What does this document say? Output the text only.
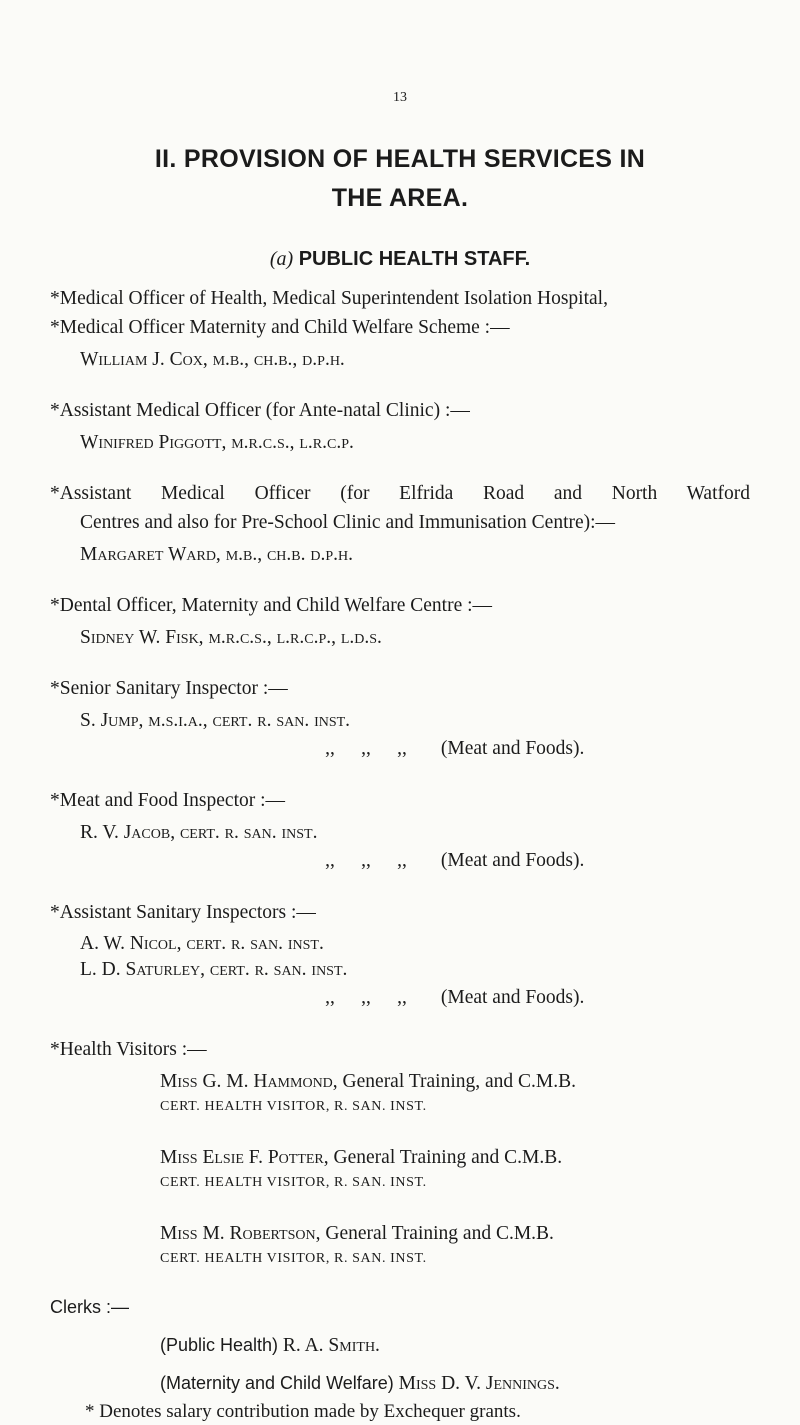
13
II. PROVISION OF HEALTH SERVICES IN
THE AREA.
(a) PUBLIC HEALTH STAFF.
*Medical Officer of Health, Medical Superintendent Isolation Hospital,
*Medical Officer Maternity and Child Welfare Scheme :—
William J. Cox, m.b., ch.b., d.p.h.
*Assistant Medical Officer (for Ante-natal Clinic) :—
Winifred Piggott, m.r.c.s., l.r.c.p.
*Assistant Medical Officer (for Elfrida Road and North Watford
Centres and also for Pre-School Clinic and Immunisation Centre):—
Margaret Ward, m.b., ch.b. d.p.h.
*Dental Officer, Maternity and Child Welfare Centre :—
Sidney W. Fisk, m.r.c.s., l.r.c.p., l.d.s.
*Senior Sanitary Inspector :—
S. Jump, m.s.i.a., cert. r. san. inst.
,, ,, ,, (Meat and Foods).
*Meat and Food Inspector :—
R. V. Jacob, cert. r. san. inst.
,, ,, ,, (Meat and Foods).
*Assistant Sanitary Inspectors :—
A. W. Nicol, cert. r. san. inst.
L. D. Saturley, cert. r. san. inst.
,, ,, ,, (Meat and Foods).
*Health Visitors :—
Miss G. M. Hammond, General Training, and C.M.B.
CERT. HEALTH VISITOR, R. SAN. INST.
Miss Elsie F. Potter, General Training and C.M.B.
CERT. HEALTH VISITOR, R. SAN. INST.
Miss M. Robertson, General Training and C.M.B.
CERT. HEALTH VISITOR, R. SAN. INST.
Clerks :—
(Public Health) R. A. Smith.
(Maternity and Child Welfare) Miss D. V. Jennings.
* Denotes salary contribution made by Exchequer grants.
